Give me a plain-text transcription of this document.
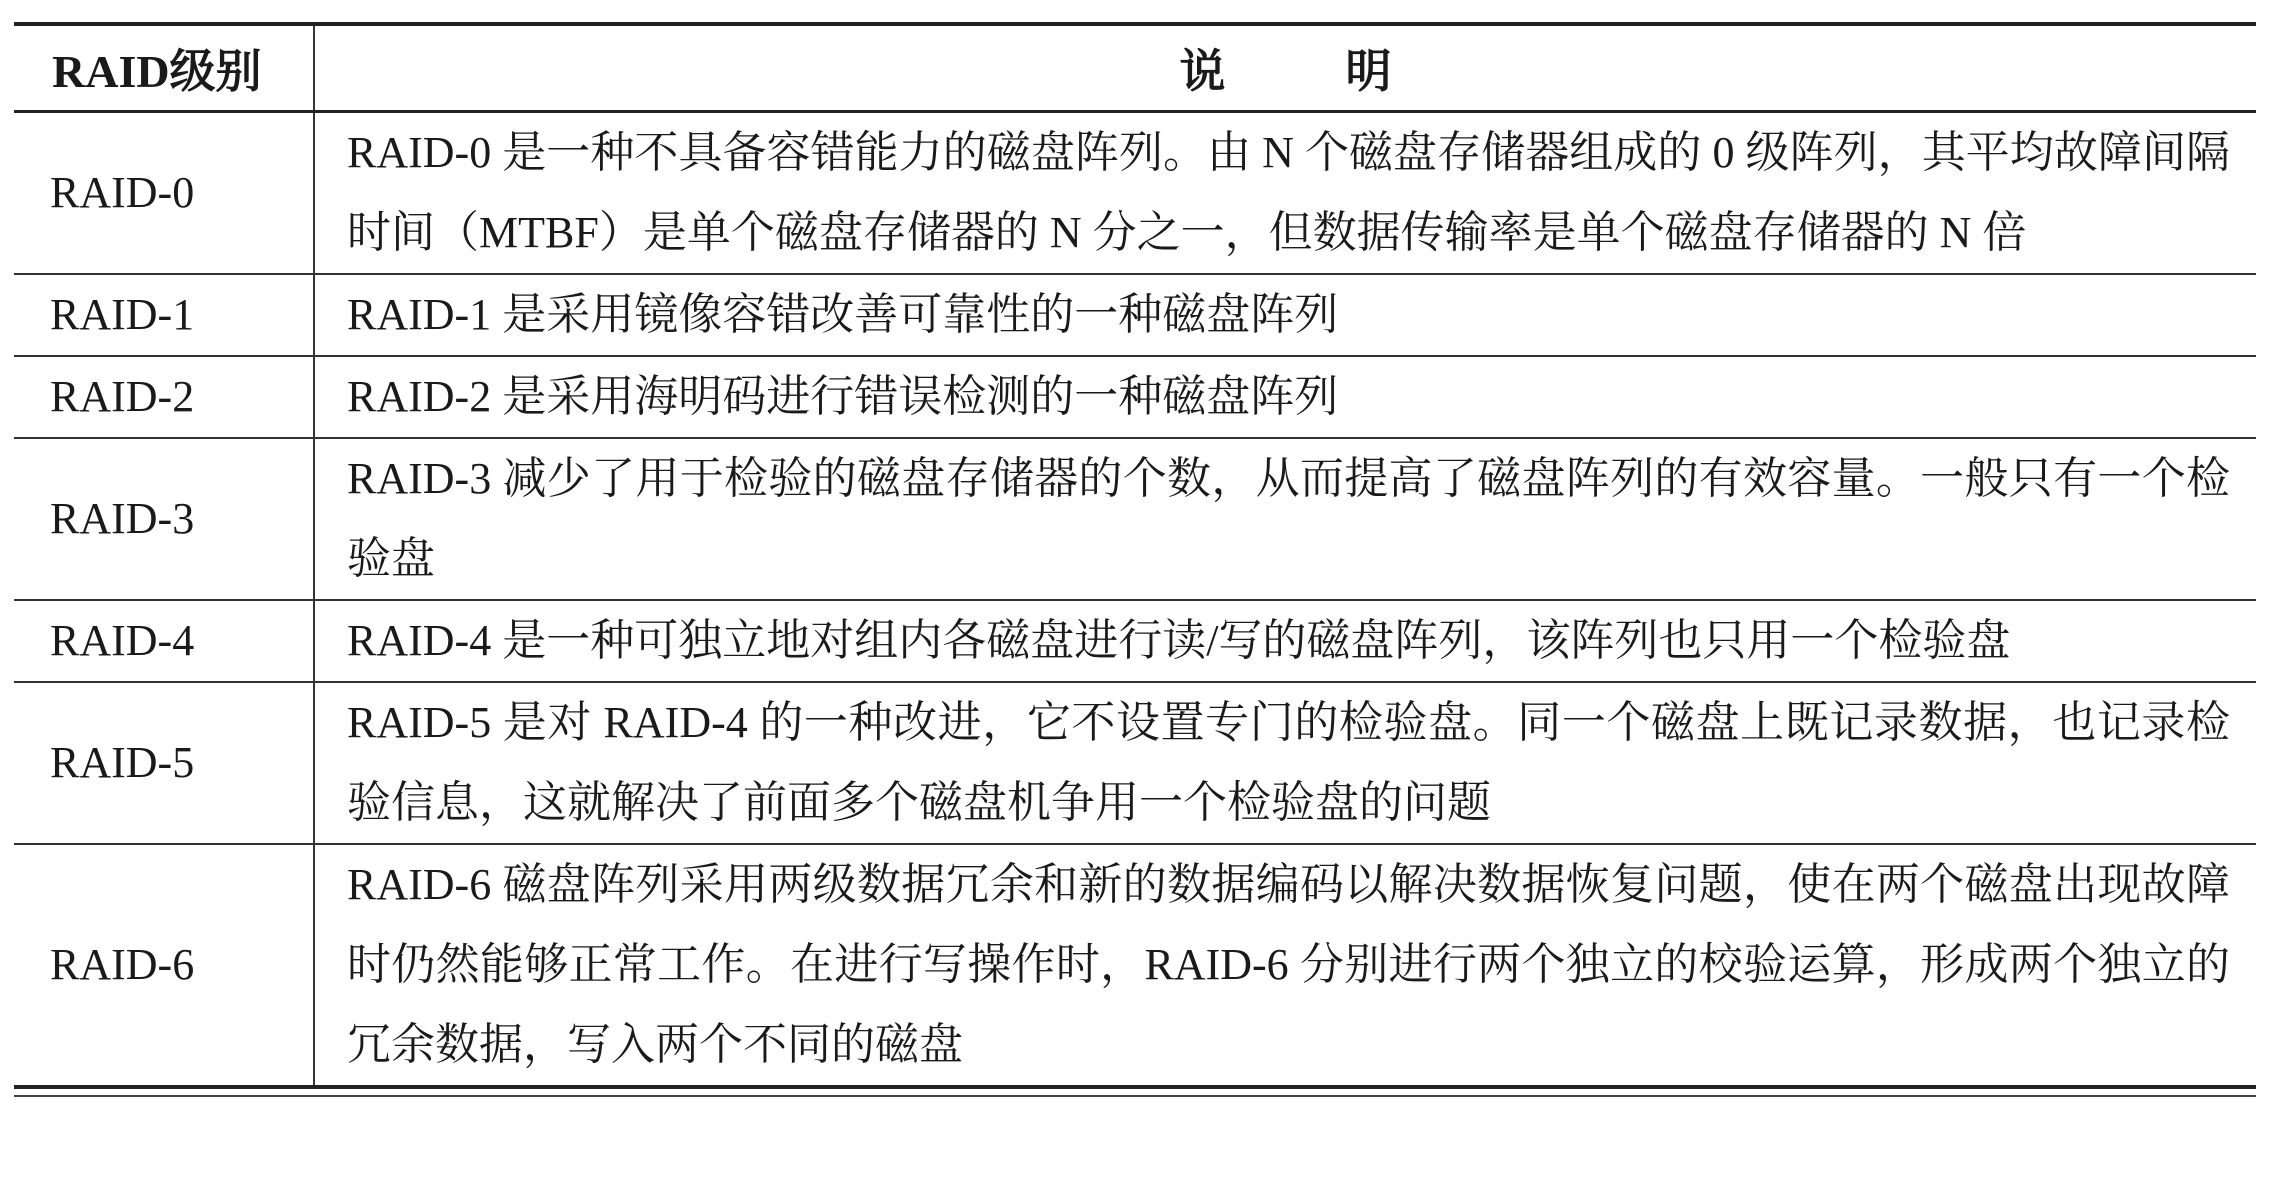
RAID级别	说 明
RAID-0	RAID-0 是一种不具备容错能力的磁盘阵列。由 N 个磁盘存储器组成的 0 级阵列，其平均故障间隔时间（MTBF）是单个磁盘存储器的 N 分之一，但数据传输率是单个磁盘存储器的 N 倍
RAID-1	RAID-1 是采用镜像容错改善可靠性的一种磁盘阵列
RAID-2	RAID-2 是采用海明码进行错误检测的一种磁盘阵列
RAID-3	RAID-3 减少了用于检验的磁盘存储器的个数，从而提高了磁盘阵列的有效容量。一般只有一个检验盘
RAID-4	RAID-4 是一种可独立地对组内各磁盘进行读/写的磁盘阵列，该阵列也只用一个检验盘
RAID-5	RAID-5 是对 RAID-4 的一种改进，它不设置专门的检验盘。同一个磁盘上既记录数据，也记录检验信息，这就解决了前面多个磁盘机争用一个检验盘的问题
RAID-6	RAID-6 磁盘阵列采用两级数据冗余和新的数据编码以解决数据恢复问题，使在两个磁盘出现故障时仍然能够正常工作。在进行写操作时，RAID-6 分别进行两个独立的校验运算，形成两个独立的冗余数据，写入两个不同的磁盘
